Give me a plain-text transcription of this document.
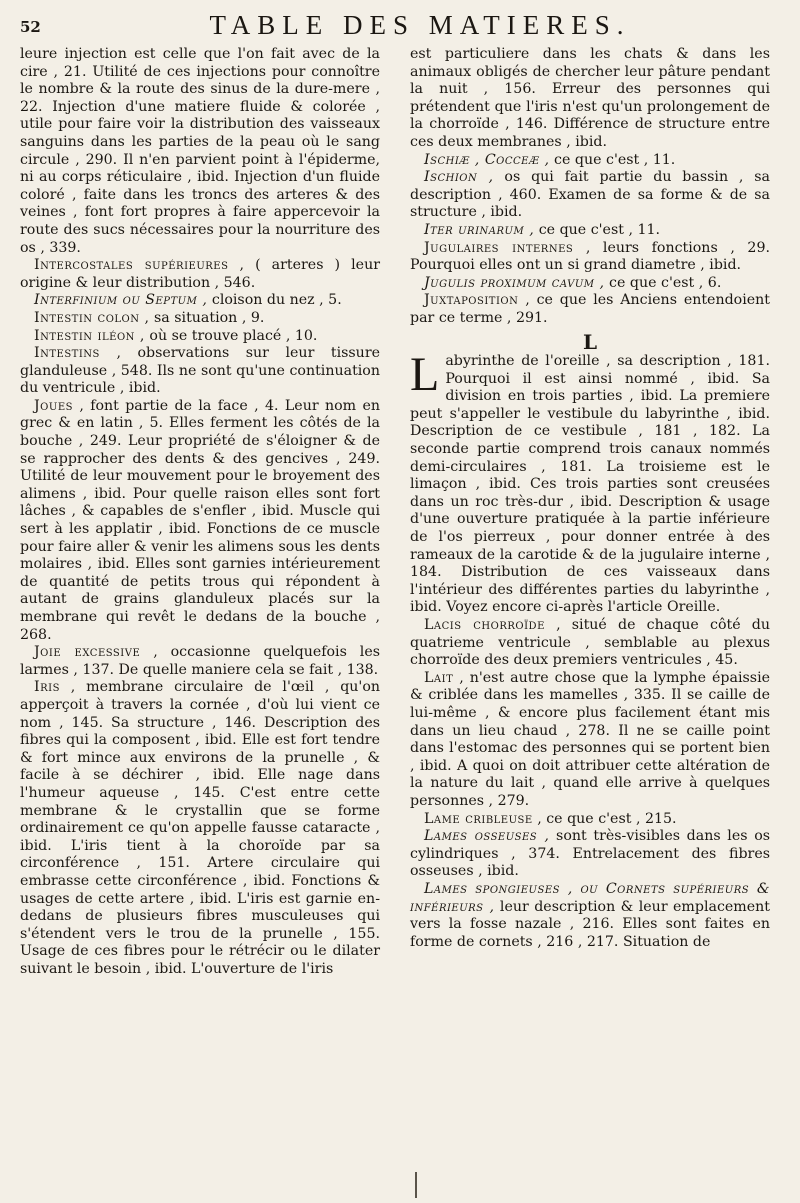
52	TABLE DES MATIERES.

leure injection est celle que l'on fait avec de la cire , 21. Utilité de ces injections pour connoître le nombre & la route des sinus de la dure-mere , 22. Injection d'une matiere fluide & colorée , utile pour faire voir la distribution des vaisseaux sanguins dans les parties de la peau où le sang circule , 290. Il n'en parvient point à l'épiderme, ni au corps réticulaire , ibid. Injection d'un fluide coloré , faite dans les troncs des arteres & des veines , font fort propres à faire appercevoir la route des sucs nécessaires pour la nourriture des os , 339.

Intercostales supérieures , ( arteres ) leur origine & leur distribution , 546.

Interfinium ou Septum , cloison du nez , 5.

Intestin colon , sa situation , 9.

Intestin iléon , où se trouve placé , 10.

Intestins , observations sur leur tissure glanduleuse , 548. Ils ne sont qu'une continuation du ventricule , ibid.

Joues , font partie de la face , 4. Leur nom en grec & en latin , 5. Elles ferment les côtés de la bouche , 249. Leur propriété de s'éloigner & de se rapprocher des dents & des gencives , 249. Utilité de leur mouvement pour le broyement des alimens , ibid. Pour quelle raison elles sont fort lâches , & capables de s'enfler , ibid. Muscle qui sert à les applatir , ibid. Fonctions de ce muscle pour faire aller & venir les alimens sous les dents molaires , ibid. Elles sont garnies intérieurement de quantité de petits trous qui répondent à autant de grains glanduleux placés sur la membrane qui revêt le dedans de la bouche , 268.

Joie excessive , occasionne quelquefois les larmes , 137. De quelle maniere cela se fait , 138.

Iris , membrane circulaire de l'œil , qu'on apperçoit à travers la cornée , d'où lui vient ce nom , 145. Sa structure , 146. Description des fibres qui la composent , ibid. Elle est fort tendre & fort mince aux environs de la prunelle , & facile à se déchirer , ibid. Elle nage dans l'humeur aqueuse , 145. C'est entre cette membrane & le crystallin que se forme ordinairement ce qu'on appelle fausse cataracte , ibid. L'iris tient à la choroïde par sa circonférence , 151. Artere circulaire qui embrasse cette circonférence , ibid. Fonctions & usages de cette artere , ibid. L'iris est garnie en-dedans de plusieurs fibres musculeuses qui s'étendent vers le trou de la prunelle , 155. Usage de ces fibres pour le rétrécir ou le dilater suivant le besoin , ibid. L'ouverture de l'iris

est particuliere dans les chats & dans les animaux obligés de chercher leur pâture pendant la nuit , 156. Erreur des personnes qui prétendent que l'iris n'est qu'un prolongement de la chorroïde , 146. Différence de structure entre ces deux membranes , ibid.

Ischiæ , Cocceæ , ce que c'est , 11.

Ischion , os qui fait partie du bassin , sa description , 460. Examen de sa forme & de sa structure , ibid.

Iter urinarum , ce que c'est , 11.

Jugulaires internes , leurs fonctions , 29. Pourquoi elles ont un si grand diametre , ibid.

Jugulis proximum cavum , ce que c'est , 6.

Juxtaposition , ce que les Anciens entendoient par ce terme , 291.

L

Labyrinthe de l'oreille , sa description , 181. Pourquoi il est ainsi nommé , ibid. Sa division en trois parties , ibid. La premiere peut s'appeller le vestibule du labyrinthe , ibid. Description de ce vestibule , 181 , 182. La seconde partie comprend trois canaux nommés demi-circulaires , 181. La troisieme est le limaçon , ibid. Ces trois parties sont creusées dans un roc très-dur , ibid. Description & usage d'une ouverture pratiquée à la partie inférieure de l'os pierreux , pour donner entrée à des rameaux de la carotide & de la jugulaire interne , 184. Distribution de ces vaisseaux dans l'intérieur des différentes parties du labyrinthe , ibid. Voyez encore ci-après l'article Oreille.

Lacis chorroïde , situé de chaque côté du quatrieme ventricule , semblable au plexus chorroïde des deux premiers ventricules , 45.

Lait , n'est autre chose que la lymphe épaissie & criblée dans les mamelles , 335. Il se caille de lui-même , & encore plus facilement étant mis dans un lieu chaud , 278. Il ne se caille point dans l'estomac des personnes qui se portent bien , ibid. A quoi on doit attribuer cette altération de la nature du lait , quand elle arrive à quelques personnes , 279.

Lame cribleuse , ce que c'est , 215.

Lames osseuses , sont très-visibles dans les os cylindriques , 374. Entrelacement des fibres osseuses , ibid.

Lames spongieuses , ou Cornets supérieurs & inférieurs , leur description & leur emplacement vers la fosse nazale , 216. Elles sont faites en forme de cornets , 216 , 217. Situation de
